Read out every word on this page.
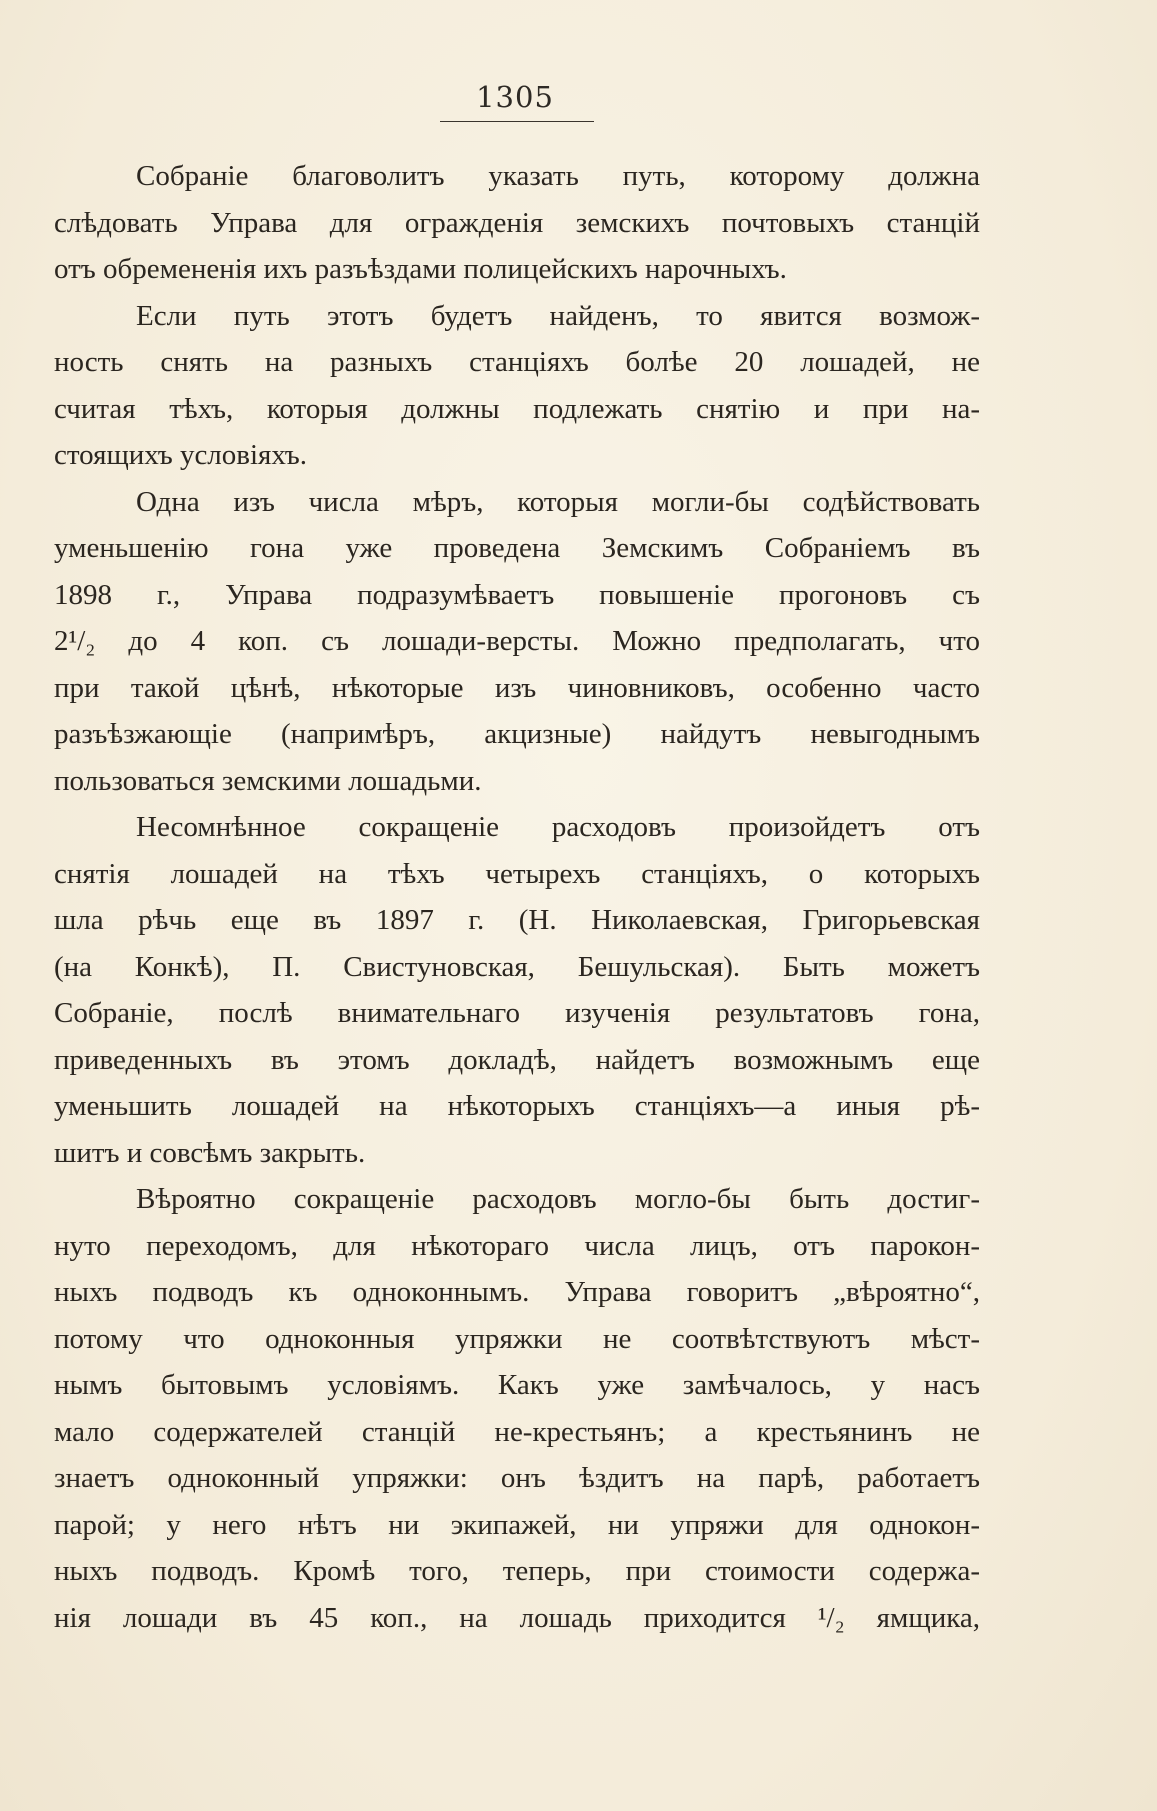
1305
Собраніе благоволитъ указать путь, которому должна
слѣдовать Управа для огражденія земскихъ почтовыхъ станцій
отъ обремененія ихъ разъѣздами полицейскихъ нарочныхъ.
Если путь этотъ будетъ найденъ, то явится возмож-
ность снять на разныхъ станціяхъ болѣе 20 лошадей, не
считая тѣхъ, которыя должны подлежать снятію и при на-
стоящихъ условіяхъ.
Одна изъ числа мѣръ, которыя могли-бы содѣйствовать
уменьшенію гона уже проведена Земскимъ Собраніемъ въ
1898 г., Управа подразумѣваетъ повышеніе прогоновъ съ
2¹/₂ до 4 коп. съ лошади-версты. Можно предполагать, что
при такой цѣнѣ, нѣкоторые изъ чиновниковъ, особенно часто
разъѣзжающіе (напримѣръ, акцизные) найдутъ невыгоднымъ
пользоваться земскими лошадьми.
Несомнѣнное сокращеніе расходовъ произойдетъ отъ
снятія лошадей на тѣхъ четырехъ станціяхъ, о которыхъ
шла рѣчь еще въ 1897 г. (Н. Николаевская, Григорьевская
(на Конкѣ), П. Свистуновская, Бешульская). Быть можетъ
Собраніе, послѣ внимательнаго изученія результатовъ гона,
приведенныхъ въ этомъ докладѣ, найдетъ возможнымъ еще
уменьшить лошадей на нѣкоторыхъ станціяхъ—а иныя рѣ-
шитъ и совсѣмъ закрыть.
Вѣроятно сокращеніе расходовъ могло-бы быть достиг-
нуто переходомъ, для нѣкотораго числа лицъ, отъ парокон-
ныхъ подводъ къ одноконнымъ. Управа говоритъ „вѣроятно“,
потому что одноконныя упряжки не соотвѣтствуютъ мѣст-
нымъ бытовымъ условіямъ. Какъ уже замѣчалось, у насъ
мало содержателей станцій не-крестьянъ; а крестьянинъ не
знаетъ одноконный упряжки: онъ ѣздитъ на парѣ, работаетъ
парой; у него нѣтъ ни экипажей, ни упряжи для однокон-
ныхъ подводъ. Кромѣ того, теперь, при стоимости содержа-
нія лошади въ 45 коп., на лошадь приходится ¹/₂ ямщика,
